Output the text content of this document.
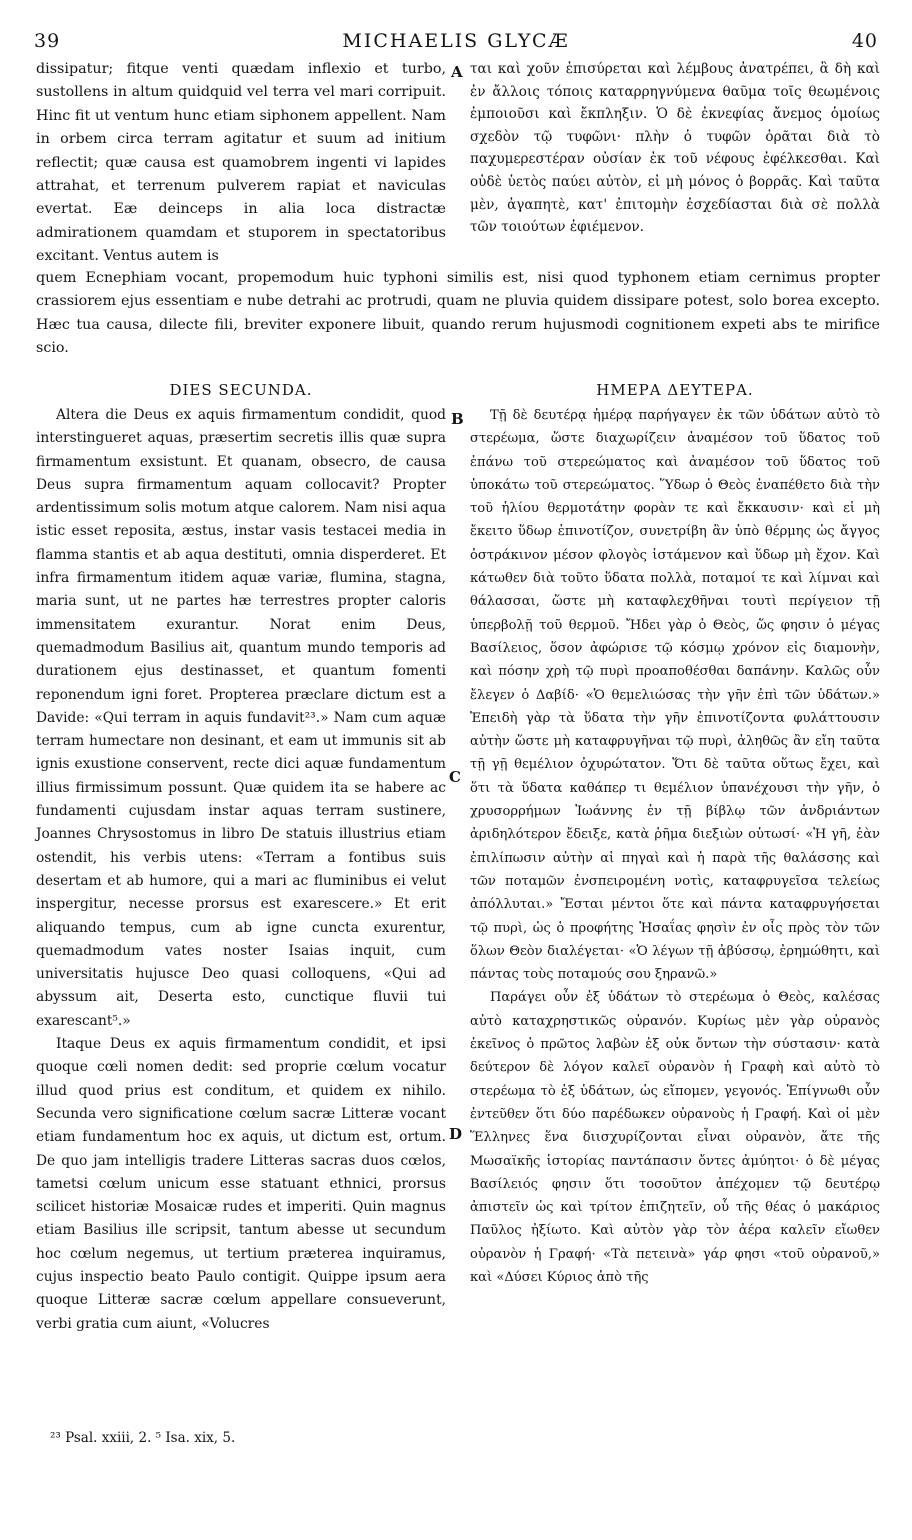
39	MICHAELIS GLYCÆ	40

dissipatur; fitque venti quædam inflexio et turbo, sustollens in altum quidquid vel terra vel mari corripuit. Hinc fit ut ventum hunc etiam siphonem appellent. Nam in orbem circa terram agitatur et suum ad initium reflectit; quæ causa est quamobrem ingenti vi lapides attrahat, et terrenum pulverem rapiat et naviculas evertat. Eæ deinceps in alia loca distractæ admirationem quamdam et stuporem in spectatoribus excitant. Ventus autem is

ται καὶ χοῦν ἐπισύρεται καὶ λέμβους ἀνατρέπει, ἃ δὴ καὶ ἐν ἄλλοις τόποις καταρρηγνύμενα θαῦμα τοῖς θεωμένοις ἐμποιοῦσι καὶ ἔκπληξιν. Ὁ δὲ ἐκνεφίας ἄνεμος ὁμοίως σχεδὸν τῷ τυφῶνι· πλὴν ὁ τυφῶν ὁρᾶται διὰ τὸ παχυμερεστέραν οὐσίαν ἐκ τοῦ νέφους ἐφέλκεσθαι. Καὶ οὐδὲ ὑετὸς παύει αὐτὸν, εἰ μὴ μόνος ὁ βορρᾶς. Καὶ ταῦτα μὲν, ἀγαπητὲ, κατ' ἐπιτομὴν ἐσχεδίασται διὰ σὲ πολλὰ τῶν τοιούτων ἐφιέμενον.

quem Ecnephiam vocant, propemodum huic typhoni similis est, nisi quod typhonem etiam cernimus propter crassiorem ejus essentiam e nube detrahi ac protrudi, quam ne pluvia quidem dissipare potest, solo borea excepto. Hæc tua causa, dilecte fili, breviter exponere libuit, quando rerum hujusmodi cognitionem expeti abs te mirifice scio.

DIES SECUNDA.	ΗΜΕΡΑ ΔΕΥΤΕΡΑ.

Altera die Deus ex aquis firmamentum condidit, quod interstingueret aquas, præsertim secretis illis quæ supra firmamentum exsistunt. Et quanam, obsecro, de causa Deus supra firmamentum aquam collocavit? Propter ardentissimum solis motum atque calorem. Nam nisi aqua istic esset reposita, æstus, instar vasis testacei media in flamma stantis et ab aqua destituti, omnia disperderet. Et infra firmamentum itidem aquæ variæ, flumina, stagna, maria sunt, ut ne partes hæ terrestres propter caloris immensitatem exurantur. Norat enim Deus, quemadmodum Basilius ait, quantum mundo temporis ad durationem ejus destinasset, et quantum fomenti reponendum igni foret. Propterea præclare dictum est a Davide: «Qui terram in aquis fundavit²³.» Nam cum aquæ terram humectare non desinant, et eam ut immunis sit ab ignis exustione conservent, recte dici aquæ fundamentum illius firmissimum possunt. Quæ quidem ita se habere ac fundamenti cujusdam instar aquas terram sustinere, Joannes Chrysostomus in libro De statuis illustrius etiam ostendit, his verbis utens: «Terram a fontibus suis desertam et ab humore, qui a mari ac fluminibus ei velut inspergitur, necesse prorsus est exarescere.» Et erit aliquando tempus, cum ab igne cuncta exurentur, quemadmodum vates noster Isaias inquit, cum universitatis hujusce Deo quasi colloquens, «Qui ad abyssum ait, Deserta esto, cunctique fluvii tui exarescant⁵.»

Itaque Deus ex aquis firmamentum condidit, et ipsi quoque cœli nomen dedit: sed proprie cœlum vocatur illud quod prius est conditum, et quidem ex nihilo. Secunda vero significatione cœlum sacræ Litteræ vocant etiam fundamentum hoc ex aquis, ut dictum est, ortum. De quo jam intelligis tradere Litteras sacras duos cœlos, tametsi cœlum unicum esse statuant ethnici, prorsus scilicet historiæ Mosaicæ rudes et imperiti. Quin magnus etiam Basilius ille scripsit, tantum abesse ut secundum hoc cœlum negemus, ut tertium præterea inquiramus, cujus inspectio beato Paulo contigit. Quippe ipsum aera quoque Litteræ sacræ cœlum appellare consueverunt, verbi gratia cum aiunt, «Volucres

Τῇ δὲ δευτέρᾳ ἡμέρᾳ παρήγαγεν ἐκ τῶν ὑδάτων αὐτὸ τὸ στερέωμα, ὥστε διαχωρίζειν ἀναμέσον τοῦ ὕδατος τοῦ ἐπάνω τοῦ στερεώματος καὶ ἀναμέσον τοῦ ὕδατος τοῦ ὑποκάτω τοῦ στερεώματος. Ὕδωρ ὁ Θεὸς ἐναπέθετο διὰ τὴν τοῦ ἡλίου θερμοτάτην φορὰν τε καὶ ἔκκαυσιν· καὶ εἰ μὴ ἔκειτο ὕδωρ ἐπινοτίζον, συνετρίβη ἂν ὑπὸ θέρμης ὡς ἄγγος ὀστράκινον μέσον φλογὸς ἱστάμενον καὶ ὕδωρ μὴ ἔχον. Καὶ κάτωθεν διὰ τοῦτο ὕδατα πολλὰ, ποταμοί τε καὶ λίμναι καὶ θάλασσαι, ὥστε μὴ καταφλεχθῆναι τουτὶ περίγειον τῇ ὑπερβολῇ τοῦ θερμοῦ. Ἤδει γὰρ ὁ Θεὸς, ὥς φησιν ὁ μέγας Βασίλειος, ὅσον ἀφώρισε τῷ κόσμῳ χρόνον εἰς διαμονὴν, καὶ πόσην χρὴ τῷ πυρὶ προαποθέσθαι δαπάνην. Καλῶς οὖν ἔλεγεν ὁ Δαβίδ· «Ὁ θεμελιώσας τὴν γῆν ἐπὶ τῶν ὑδάτων.» Ἐπειδὴ γὰρ τὰ ὕδατα τὴν γῆν ἐπινοτίζοντα φυλάττουσιν αὐτὴν ὥστε μὴ καταφρυγῆναι τῷ πυρὶ, ἀληθῶς ἂν εἴη ταῦτα τῇ γῇ θεμέλιον ὀχυρώτατον. Ὅτι δὲ ταῦτα οὕτως ἔχει, καὶ ὅτι τὰ ὕδατα καθάπερ τι θεμέλιον ὑπανέχουσι τὴν γῆν, ὁ χρυσορρήμων Ἰωάννης ἐν τῇ βίβλῳ τῶν ἀνδριάντων ἀριδηλότερον ἔδειξε, κατὰ ῥῆμα διεξιὼν οὑτωσί· «Ἡ γῆ, ἐὰν ἐπιλίπωσιν αὐτὴν αἱ πηγαὶ καὶ ἡ παρὰ τῆς θαλάσσης καὶ τῶν ποταμῶν ἐνσπειρομένη νοτὶς, καταφρυγεῖσα τελείως ἀπόλλυται.» Ἔσται μέντοι ὅτε καὶ πάντα καταφρυγήσεται τῷ πυρὶ, ὡς ὁ προφήτης Ἡσαΐας φησὶν ἐν οἷς πρὸς τὸν τῶν ὅλων Θεὸν διαλέγεται· «Ὁ λέγων τῇ ἀβύσσῳ, ἐρημώθητι, καὶ πάντας τοὺς ποταμούς σου ξηρανῶ.»

Παράγει οὖν ἐξ ὑδάτων τὸ στερέωμα ὁ Θεὸς, καλέσας αὐτὸ καταχρηστικῶς οὐρανόν. Κυρίως μὲν γὰρ οὐρανὸς ἐκεῖνος ὁ πρῶτος λαβὼν ἐξ οὐκ ὄντων τὴν σύστασιν· κατὰ δεύτερον δὲ λόγον καλεῖ οὐρανὸν ἡ Γραφὴ καὶ αὐτὸ τὸ στερέωμα τὸ ἐξ ὑδάτων, ὡς εἴπομεν, γεγονός. Ἐπίγνωθι οὖν ἐντεῦθεν ὅτι δύο παρέδωκεν οὐρανοὺς ἡ Γραφή. Καὶ οἱ μὲν Ἕλληνες ἕνα διισχυρίζονται εἶναι οὐρανὸν, ἅτε τῆς Μωσαϊκῆς ἱστορίας παντάπασιν ὄντες ἀμύητοι· ὁ δὲ μέγας Βασίλειός φησιν ὅτι τοσοῦτον ἀπέχομεν τῷ δευτέρῳ ἀπιστεῖν ὡς καὶ τρίτον ἐπιζητεῖν, οὗ τῆς θέας ὁ μακάριος Παῦλος ἠξίωτο. Καὶ αὐτὸν γὰρ τὸν ἀέρα καλεῖν εἴωθεν οὐρανὸν ἡ Γραφή· «Τὰ πετεινὰ» γάρ φησι «τοῦ οὐρανοῦ,» καὶ «Δύσει Κύριος ἀπὸ τῆς

A
B
C
D
²³ Psal. xxiii, 2. ⁵ Isa. xix, 5.
